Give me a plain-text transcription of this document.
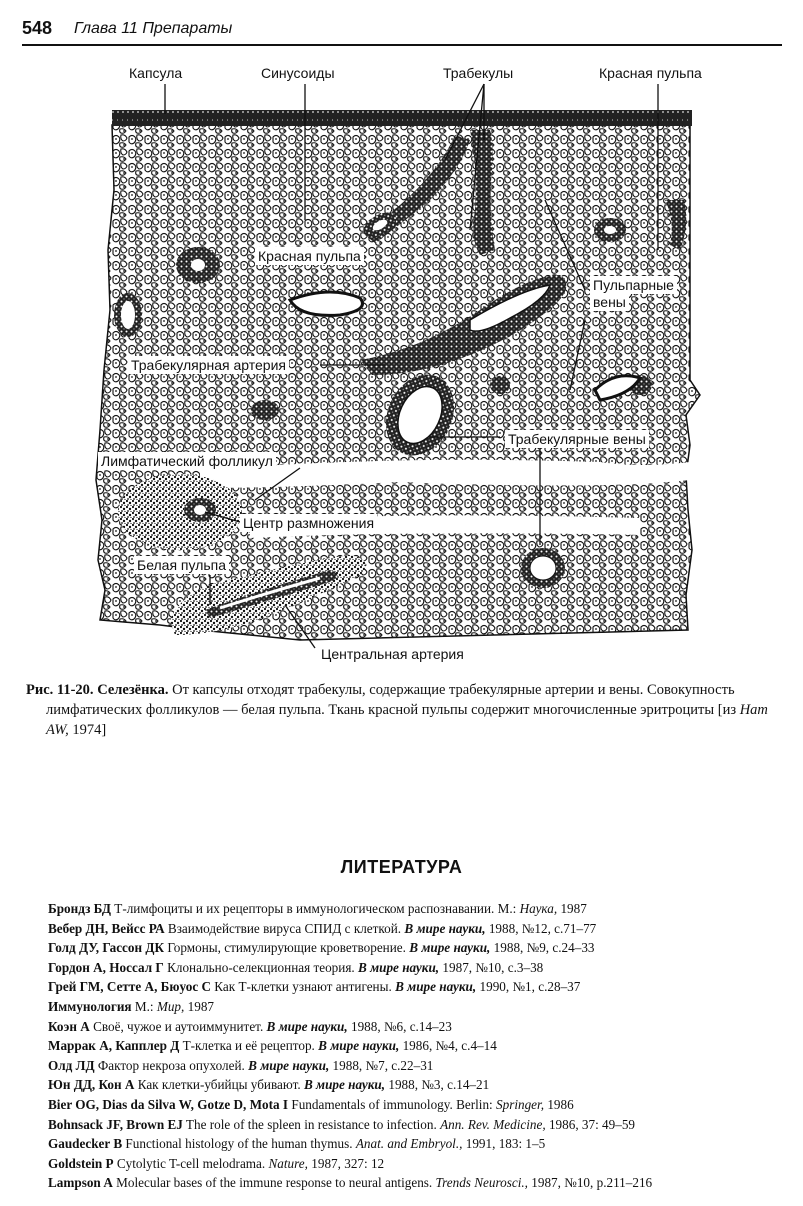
548 Глава 11 Препараты
Капсула	Синусоиды	Трабекулы	Красная пульпа
Красная пульпа
Пульпарные
вены
Трабекулярная артерия
Трабекулярные вены
Лимфатический фолликул
Центр размножения
Белая пульпа
Центральная артерия
Рис. 11-20. Селезёнка. От капсулы отходят трабекулы, содержащие трабекулярные артерии и вены. Совокупность лимфатических фолликулов — белая пульпа. Ткань красной пульпы содержит многочисленные эритроциты [из Ham AW, 1974]
ЛИТЕРАТУРА
Брондз БД Т-лимфоциты и их рецепторы в иммунологическом распознавании. М.: Наука, 1987
Вебер ДН, Вейсс РА Взаимодействие вируса СПИД с клеткой. В мире науки, 1988, №12, с.71–77
Голд ДУ, Гассон ДК Гормоны, стимулирующие кроветворение. В мире науки, 1988, №9, с.24–33
Гордон А, Носсал Г Клонально-селекционная теория. В мире науки, 1987, №10, с.3–38
Грей ГМ, Сетте А, Бюуос С Как Т-клетки узнают антигены. В мире науки, 1990, №1, с.28–37
Иммунология М.: Мир, 1987
Коэн А Своё, чужое и аутоиммунитет. В мире науки, 1988, №6, с.14–23
Маррак А, Капплер Д Т-клетка и её рецептор. В мире науки, 1986, №4, с.4–14
Олд ЛД Фактор некроза опухолей. В мире науки, 1988, №7, с.22–31
Юн ДД, Кон А Как клетки-убийцы убивают. В мире науки, 1988, №3, с.14–21
Bier OG, Dias da Silva W, Gotze D, Mota I Fundamentals of immunology. Berlin: Springer, 1986
Bohnsack JF, Brown EJ The role of the spleen in resistance to infection. Ann. Rev. Medicine, 1986, 37: 49–59
Gaudecker B Functional histology of the human thymus. Anat. and Embryol., 1991, 183: 1–5
Goldstein P Cytolytic T-cell melodrama. Nature, 1987, 327: 12
Lampson A Molecular bases of the immune response to neural antigens. Trends Neurosci., 1987, №10, p.211–216
